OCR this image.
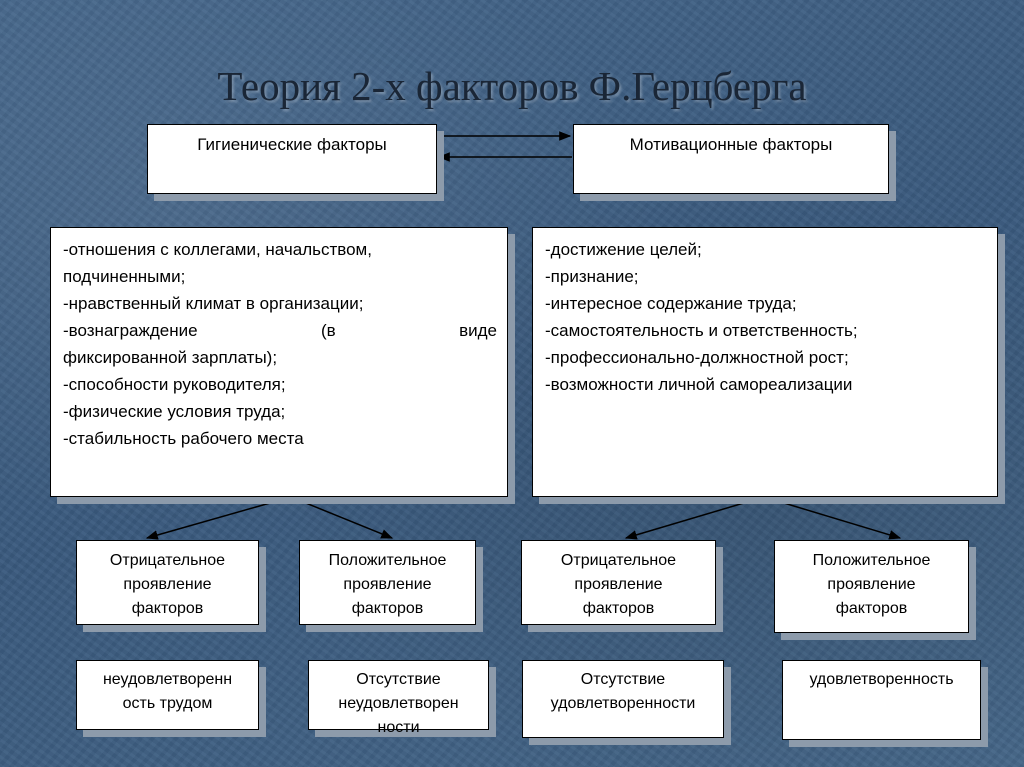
Теория 2-х факторов Ф.Герцберга
Гигиенические факторы	Мотивационные факторы
-отношения с коллегами, начальством,
подчиненными;
-нравственный климат в организации;
-вознаграждение	(в	виде
фиксированной зарплаты);
-способности руководителя;
-физические условия труда;
-стабильность рабочего места
-достижение целей;
-признание;
-интересное содержание труда;
-самостоятельность и ответственность;
-профессионально-должностной рост;
-возможности личной самореализации
Отрицательное
проявление
факторов
Положительное
проявление
факторов
Отрицательное
проявление
факторов
Положительное
проявление
факторов
неудовлетворенн
ость трудом
Отсутствие
неудовлетворен
ности
Отсутствие
удовлетворенности
удовлетворенность
